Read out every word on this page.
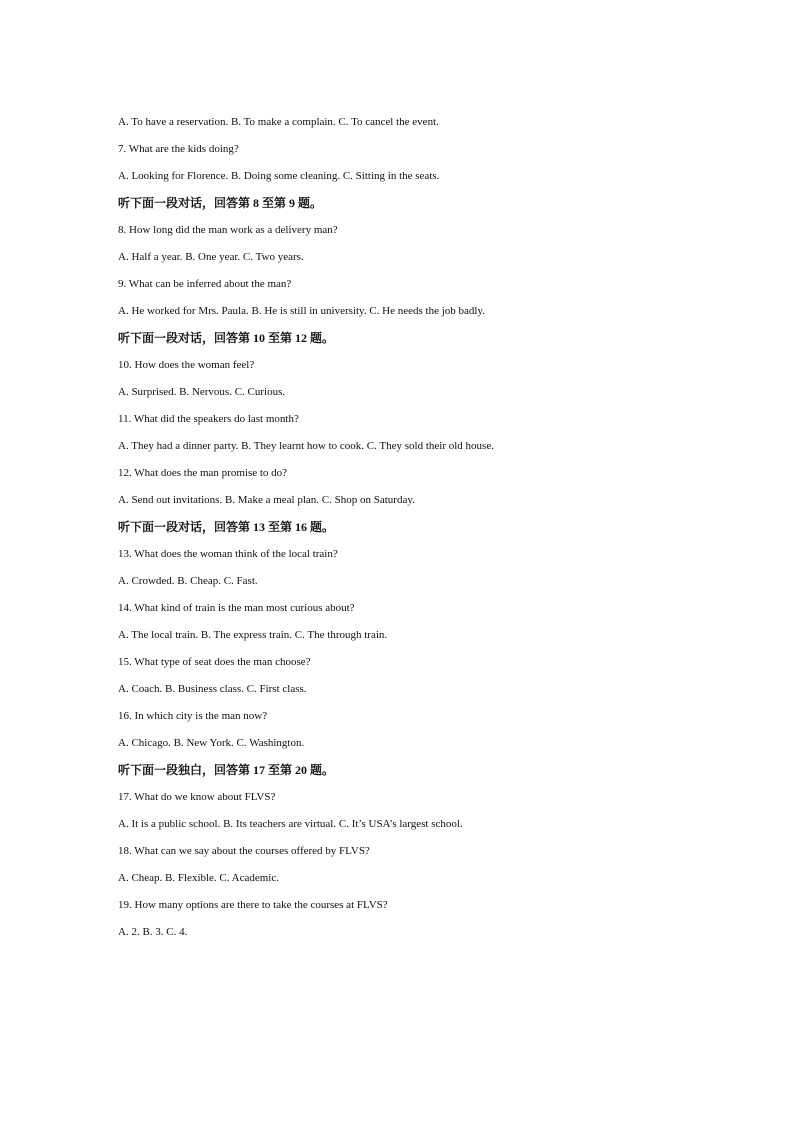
A. To have a reservation. B. To make a complain. C. To cancel the event.
7. What are the kids doing?
A. Looking for Florence. B. Doing some cleaning. C. Sitting in the seats.
听下面一段对话，回答第 8 至第 9 题。
8. How long did the man work as a delivery man?
A. Half a year. B. One year. C. Two years.
9. What can be inferred about the man?
A. He worked for Mrs. Paula. B. He is still in university. C. He needs the job badly.
听下面一段对话，回答第 10 至第 12 题。
10. How does the woman feel?
A. Surprised. B. Nervous. C. Curious.
11. What did the speakers do last month?
A. They had a dinner party. B. They learnt how to cook. C. They sold their old house.
12. What does the man promise to do?
A. Send out invitations. B. Make a meal plan. C. Shop on Saturday.
听下面一段对话，回答第 13 至第 16 题。
13. What does the woman think of the local train?
A. Crowded. B. Cheap. C. Fast.
14. What kind of train is the man most curious about?
A. The local train. B. The express train. C. The through train.
15. What type of seat does the man choose?
A. Coach. B. Business class. C. First class.
16. In which city is the man now?
A. Chicago. B. New York. C. Washington.
听下面一段独白，回答第 17 至第 20 题。
17. What do we know about FLVS?
A. It is a public school. B. Its teachers are virtual. C. It’s USA’s largest school.
18. What can we say about the courses offered by FLVS?
A. Cheap. B. Flexible. C. Academic.
19. How many options are there to take the courses at FLVS?
A. 2. B. 3. C. 4.
